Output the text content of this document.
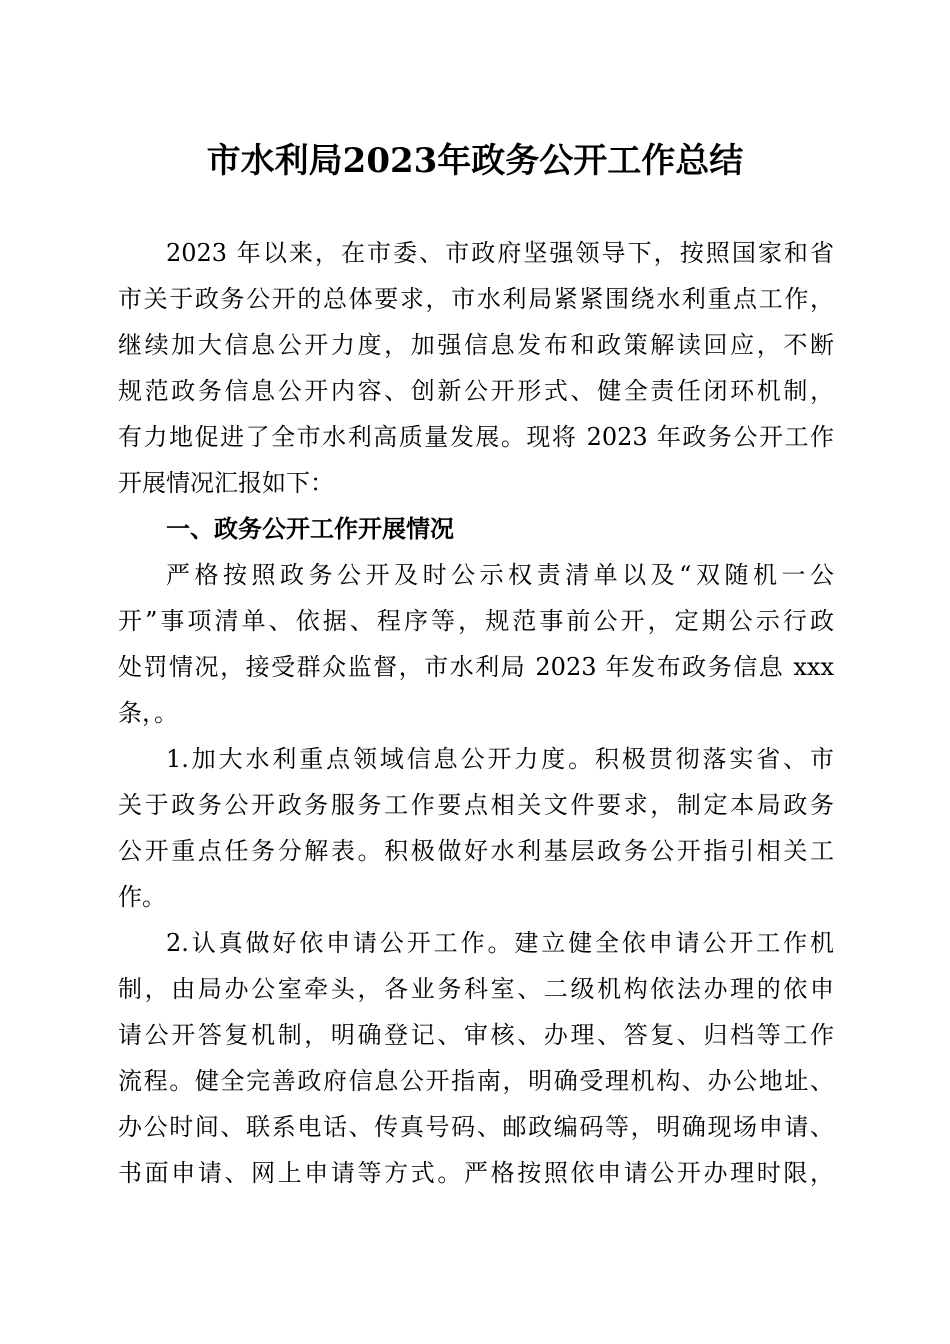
市水利局2023年政务公开工作总结
2023 年以来，在市委、市政府坚强领导下，按照国家和省
市关于政务公开的总体要求，市水利局紧紧围绕水利重点工作，
继续加大信息公开力度，加强信息发布和政策解读回应，不断
规范政务信息公开内容、创新公开形式、健全责任闭环机制，
有力地促进了全市水利高质量发展。现将 2023 年政务公开工作
开展情况汇报如下：
一、政务公开工作开展情况
严格按照政务公开及时公示权责清单以及“双随机一公
开”事项清单、依据、程序等，规范事前公开，定期公示行政
处罚情况，接受群众监督，市水利局 2023 年发布政务信息 xxx
条，。
1.加大水利重点领域信息公开力度。积极贯彻落实省、市
关于政务公开政务服务工作要点相关文件要求，制定本局政务
公开重点任务分解表。积极做好水利基层政务公开指引相关工
作。
2.认真做好依申请公开工作。建立健全依申请公开工作机
制，由局办公室牵头，各业务科室、二级机构依法办理的依申
请公开答复机制，明确登记、审核、办理、答复、归档等工作
流程。健全完善政府信息公开指南，明确受理机构、办公地址、
办公时间、联系电话、传真号码、邮政编码等，明确现场申请、
书面申请、网上申请等方式。严格按照依申请公开办理时限，
